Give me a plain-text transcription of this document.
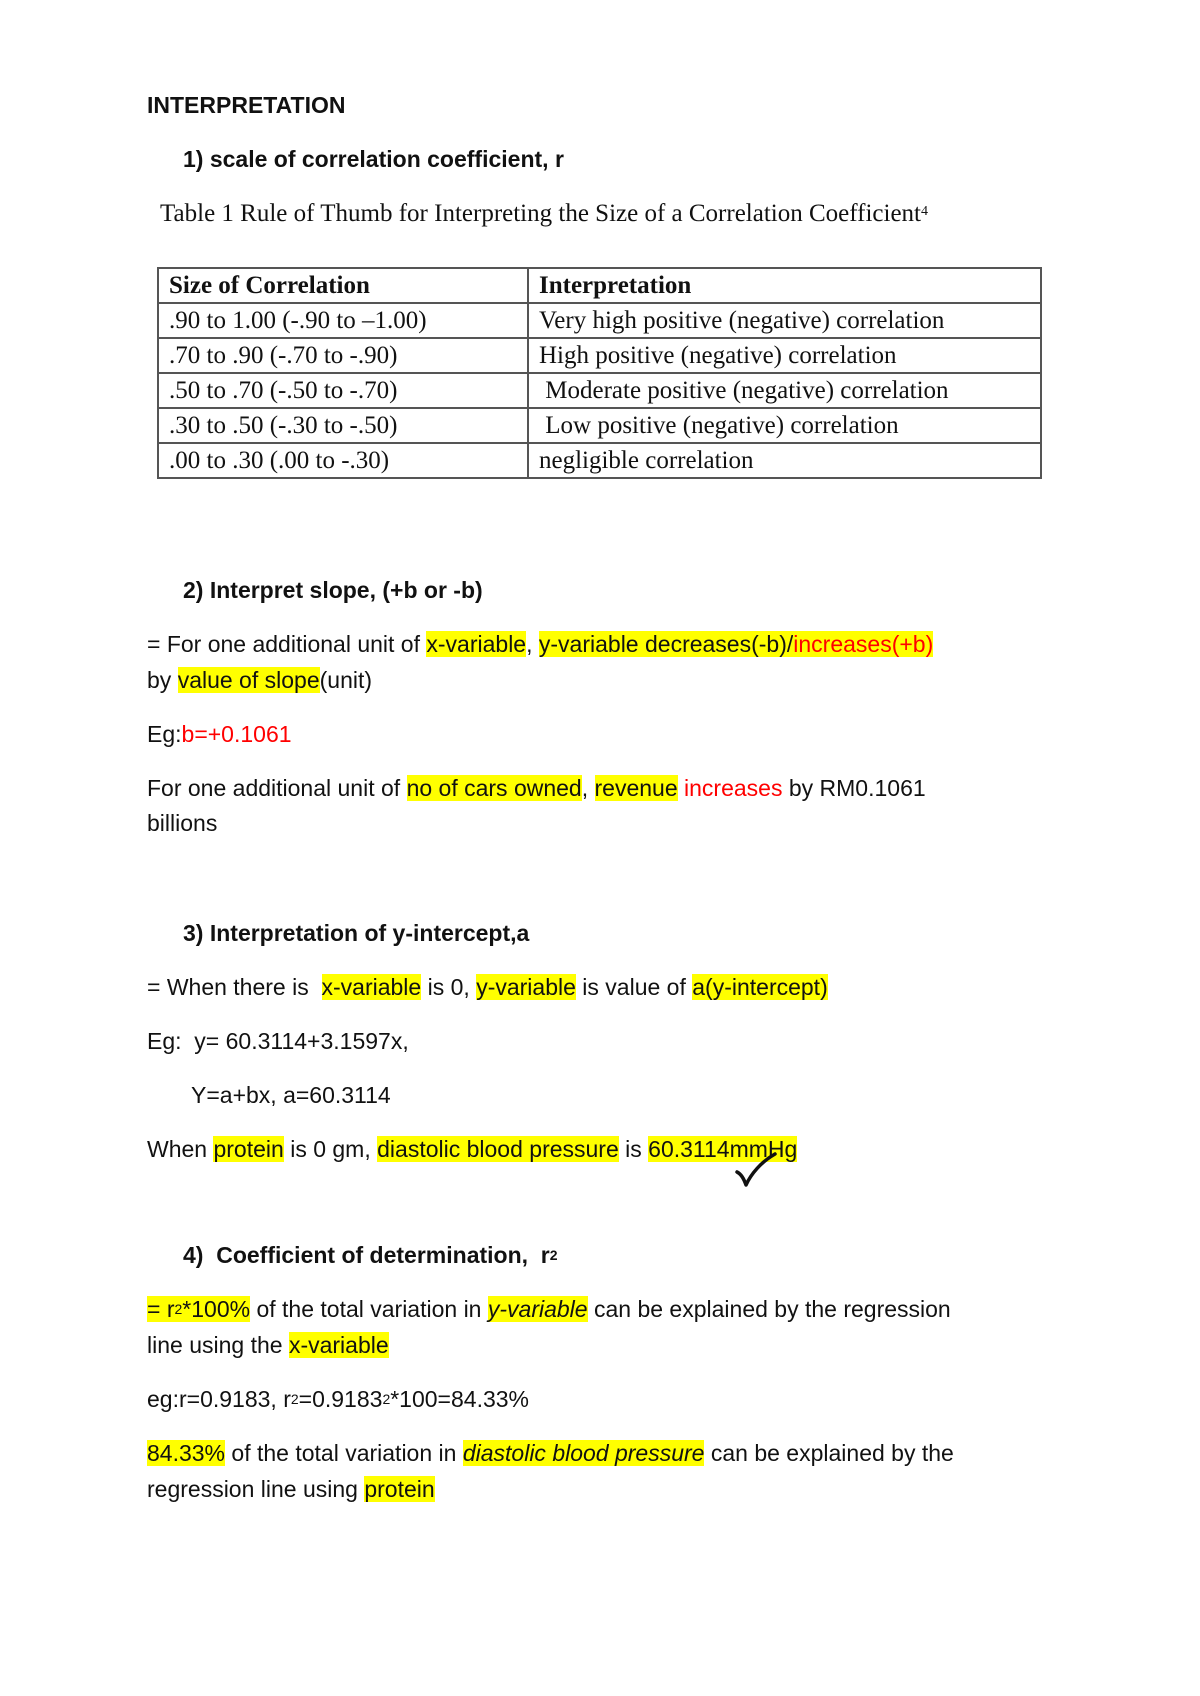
INTERPRETATION
1) scale of correlation coefficient, r
Table 1 Rule of Thumb for Interpreting the Size of a Correlation Coefficient$^4$
Size of Correlation	Interpretation
.90 to 1.00 (-.90 to –1.00)	Very high positive (negative) correlation
.70 to .90 (-.70 to -.90)	High positive (negative) correlation
.50 to .70 (-.50 to -.70)	Moderate positive (negative) correlation
.30 to .50 (-.30 to -.50)	Low positive (negative) correlation
.00 to .30 (.00 to -.30)	negligible correlation
2) Interpret slope, (+b or -b)
= For one additional unit of x-variable, y-variable decreases(-b)/increases(+b)
by value of slope(unit)
Eg:b=+0.1061
For one additional unit of no of cars owned, revenue increases by RM0.1061
billions
3) Interpretation of y-intercept,a
= When there is  x-variable is 0, y-variable is value of a(y-intercept)
Eg:  y= 60.3114+3.1597x,
Y=a+bx, a=60.3114
When protein is 0 gm, diastolic blood pressure is 60.3114mmHg
4)  Coefficient of determination,  $r^2$
= $r^2*100\%$ of the total variation in y-variable can be explained by the regression
line using the x-variable
eg:r=0.9183, $r^2=0.9183^2*100=84.33\%$
84.33% of the total variation in diastolic blood pressure can be explained by the
regression line using protein
